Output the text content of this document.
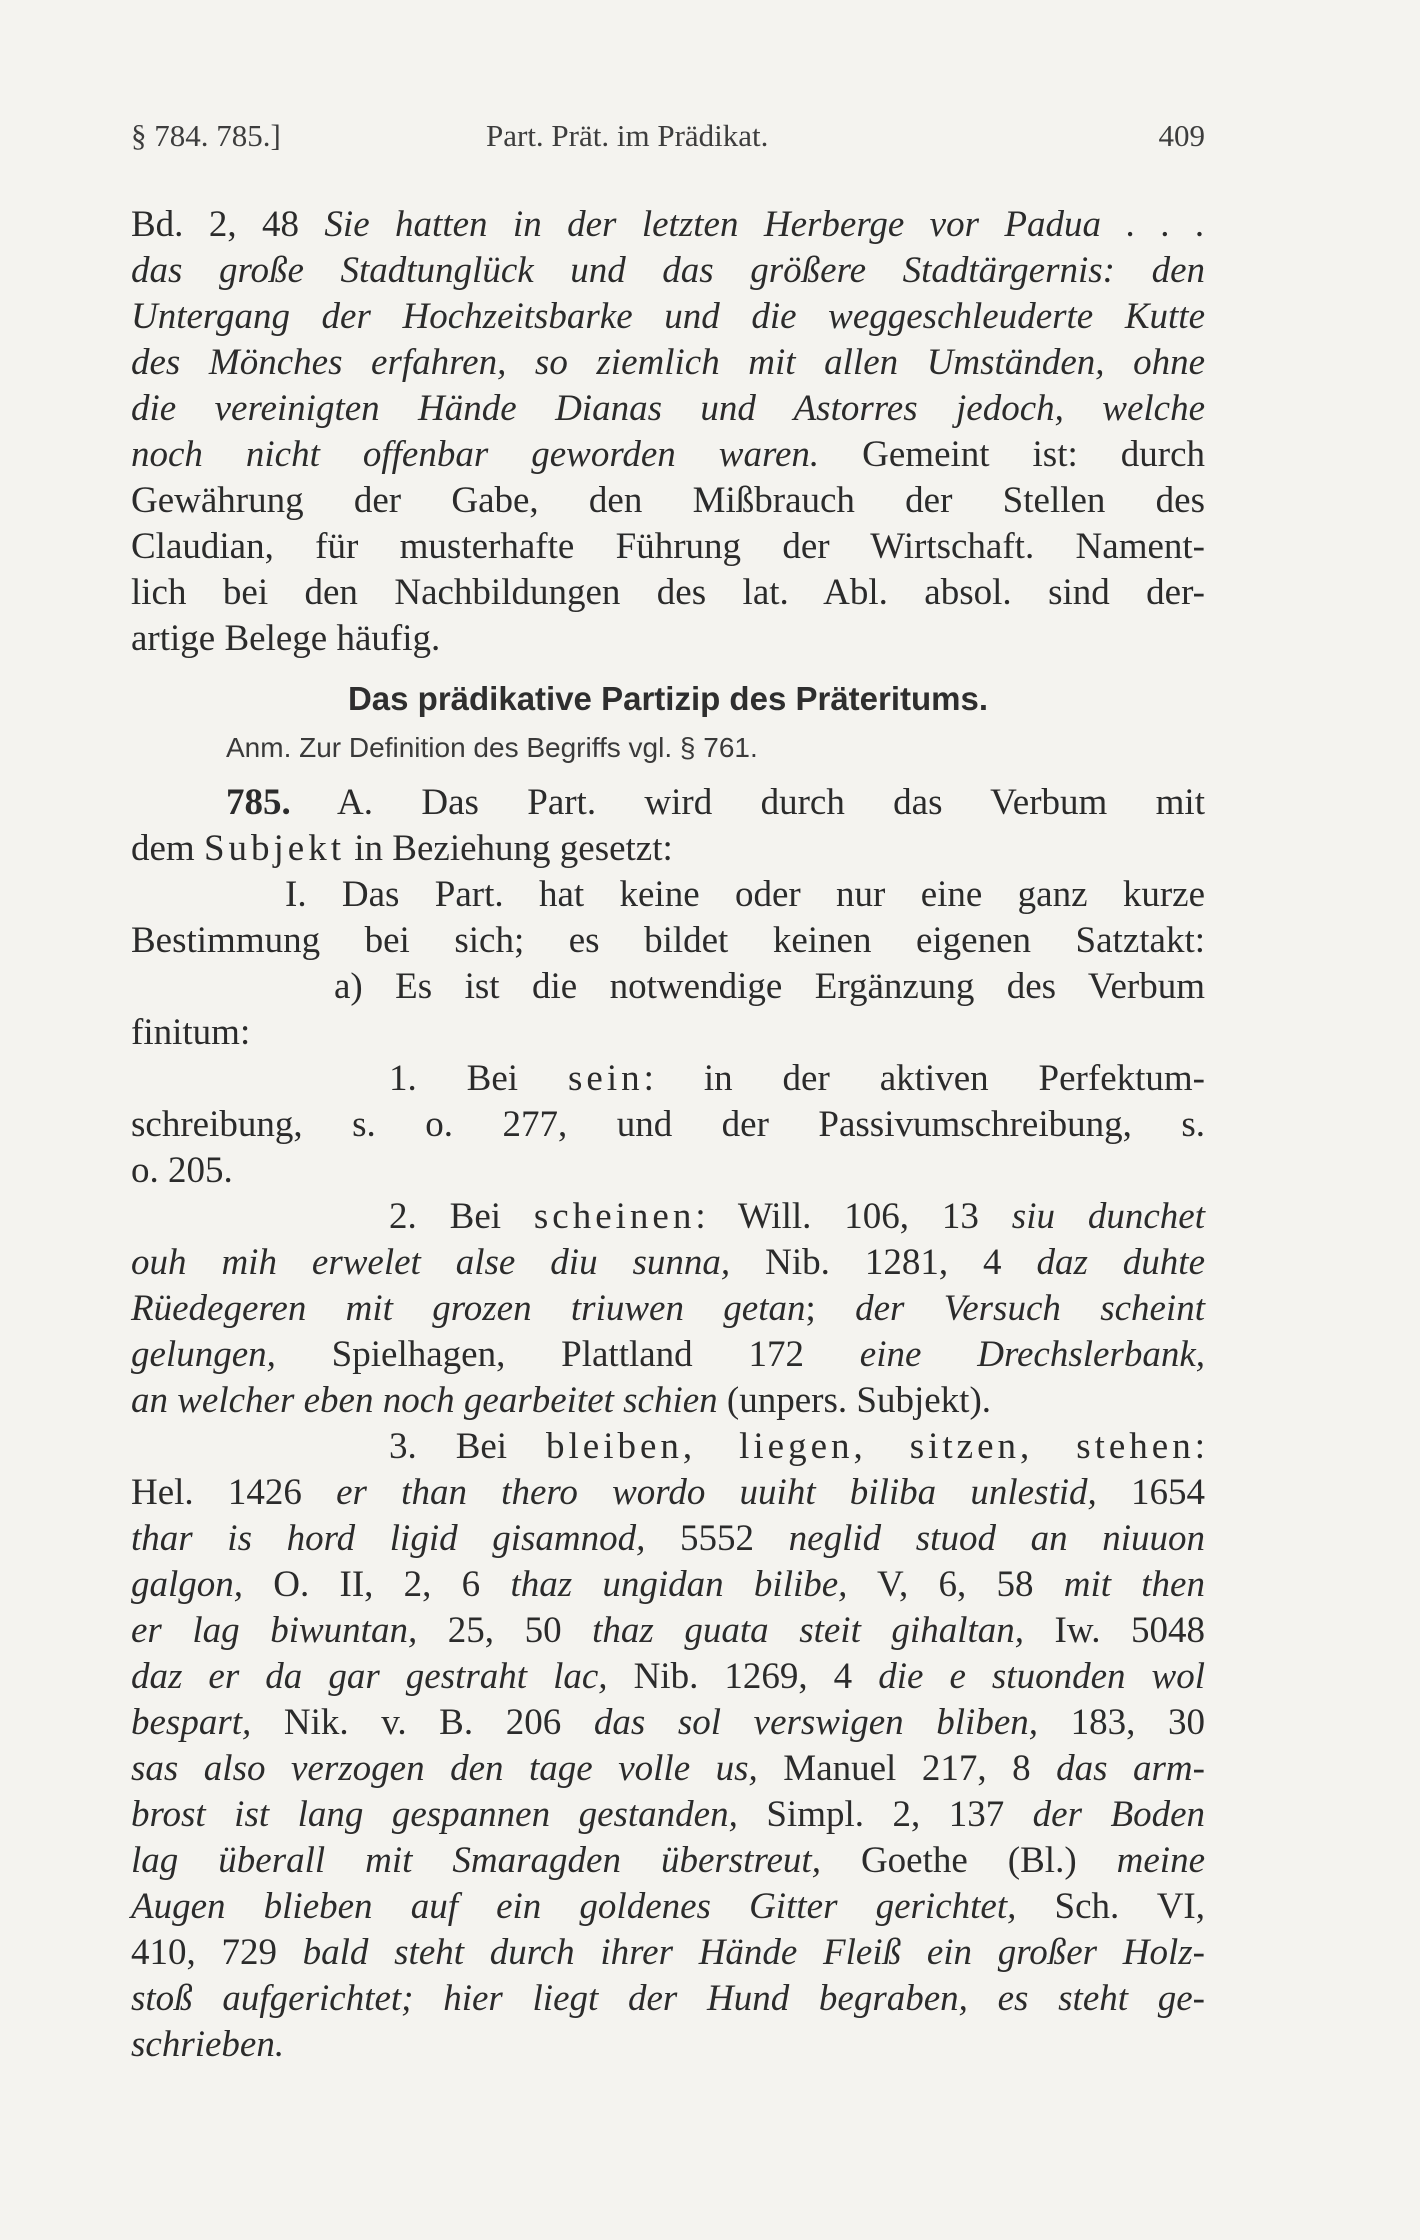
§ 784. 785.]	Part. Prät. im Prädikat.	409
Bd. 2, 48 Sie hatten in der letzten Herberge vor Padua . . .
das große Stadtunglück und das größere Stadtärgernis: den
Untergang der Hochzeitsbarke und die weggeschleuderte Kutte
des Mönches erfahren, so ziemlich mit allen Umständen, ohne
die vereinigten Hände Dianas und Astorres jedoch, welche
noch nicht offenbar geworden waren. Gemeint ist: durch
Gewährung der Gabe, den Mißbrauch der Stellen des
Claudian, für musterhafte Führung der Wirtschaft. Nament-
lich bei den Nachbildungen des lat. Abl. absol. sind der-
artige Belege häufig.
Das prädikative Partizip des Präteritums.
Anm. Zur Definition des Begriffs vgl. § 761.
785. A. Das Part. wird durch das Verbum mit
dem Subjekt in Beziehung gesetzt:
I. Das Part. hat keine oder nur eine ganz kurze
Bestimmung bei sich; es bildet keinen eigenen Satztakt:
a) Es ist die notwendige Ergänzung des Verbum
finitum:
1. Bei sein: in der aktiven Perfektum-
schreibung, s. o. 277, und der Passivumschreibung, s.
o. 205.
2. Bei scheinen: Will. 106, 13 siu dunchet
ouh mih erwelet alse diu sunna, Nib. 1281, 4 daz duhte
Rüedegeren mit grozen triuwen getan; der Versuch scheint
gelungen, Spielhagen, Plattland 172 eine Drechslerbank,
an welcher eben noch gearbeitet schien (unpers. Subjekt).
3. Bei bleiben, liegen, sitzen, stehen:
Hel. 1426 er than thero wordo uuiht biliba unlestid, 1654
thar is hord ligid gisamnod, 5552 neglid stuod an niuuon
galgon, O. II, 2, 6 thaz ungidan bilibe, V, 6, 58 mit then
er lag biwuntan, 25, 50 thaz guata steit gihaltan, Iw. 5048
daz er da gar gestraht lac, Nib. 1269, 4 die e stuonden wol
bespart, Nik. v. B. 206 das sol verswigen bliben, 183, 30
sas also verzogen den tage volle us, Manuel 217, 8 das arm-
brost ist lang gespannen gestanden, Simpl. 2, 137 der Boden
lag überall mit Smaragden überstreut, Goethe (Bl.) meine
Augen blieben auf ein goldenes Gitter gerichtet, Sch. VI,
410, 729 bald steht durch ihrer Hände Fleiß ein großer Holz-
stoß aufgerichtet; hier liegt der Hund begraben, es steht ge-
schrieben.
